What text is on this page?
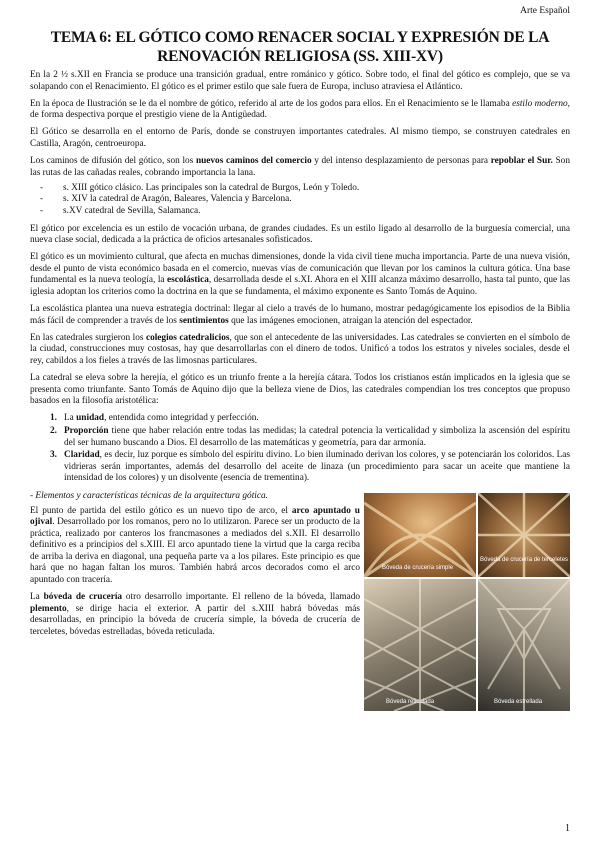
Arte Español
TEMA 6: EL GÓTICO COMO RENACER SOCIAL Y EXPRESIÓN DE LA RENOVACIÓN RELIGIOSA (SS. XIII-XV)

En la 2 ½ s.XII en Francia se produce una transición gradual, entre románico y gótico. Sobre todo, el final del gótico es complejo, que se va solapando con el Renacimiento. El gótico es el primer estilo que sale fuera de Europa, incluso atraviesa el Atlántico.

En la época de Ilustración se le da el nombre de gótico, referido al arte de los godos para ellos. En el Renacimiento se le llamaba estilo moderno, de forma despectiva porque el prestigio viene de la Antigüedad.

El Gótico se desarrolla en el entorno de París, donde se construyen importantes catedrales. Al mismo tiempo, se construyen catedrales en Castilla, Aragón, centroeuropa.

Los caminos de difusión del gótico, son los nuevos caminos del comercio y del intenso desplazamiento de personas para repoblar el Sur. Son las rutas de las cañadas reales, cobrando importancia la lana.

- s. XIII gótico clásico. Las principales son la catedral de Burgos, León y Toledo.
- s. XIV la catedral de Aragón, Baleares, Valencia y Barcelona.
- s.XV catedral de Sevilla, Salamanca.

El gótico por excelencia es un estilo de vocación urbana, de grandes ciudades. Es un estilo ligado al desarrollo de la burguesía comercial, una nueva clase social, dedicada a la práctica de oficios artesanales sofisticados.

El gótico es un movimiento cultural, que afecta en muchas dimensiones, donde la vida civil tiene mucha importancia. Parte de una nueva visión, desde el punto de vista económico basada en el comercio, nuevas vías de comunicación que llevan por los caminos la cultura gótica. Una base fundamental es la nueva teología, la escolástica, desarrollada desde el s.XI. Ahora en el XIII alcanza máximo desarrollo, hasta tal punto, que las iglesia adoptan los criterios como la doctrina en la que se fundamenta, el máximo exponente es Santo Tomás de Aquino.

La escolástica plantea una nueva estrategia doctrinal: llegar al cielo a través de lo humano, mostrar pedagógicamente los episodios de la Biblia más fácil de comprender a través de los sentimientos que las imágenes emocionen, atraigan la atención del espectador.

En las catedrales surgieron los colegios catedralicios, que son el antecedente de las universidades. Las catedrales se convierten en el símbolo de la ciudad, construcciones muy costosas, hay que desarrollarlas con el dinero de todos. Unificó a todos los estratos y niveles sociales, desde el rey, cabildos a los fieles a través de las limosnas particulares.

La catedral se eleva sobre la herejía, el gótico es un triunfo frente a la herejía cátara. Todos los cristianos están implicados en la iglesia que se presenta como triunfante. Santo Tomás de Aquino dijo que la belleza viene de Dios, las catedrales compendian los tres conceptos que propuso basados en la filosofía aristotélica:

1. La unidad, entendida como integridad y perfección.
2. Proporción tiene que haber relación entre todas las medidas; la catedral potencia la verticalidad y simboliza la ascensión del espíritu del ser humano buscando a Dios. El desarrollo de las matemáticas y geometría, para dar armonía.
3. Claridad, es decir, luz porque es símbolo del espíritu divino. Lo bien iluminado derivan los colores, y se potenciarán los coloridos. Las vidrieras serán importantes, además del desarrollo del aceite de linaza (un procedimiento para sacar un aceite que mantiene la intensidad de los colores) y un disolvente (esencia de trementina).

- Elementos y características técnicas de la arquitectura gótica.

El punto de partida del estilo gótico es un nuevo tipo de arco, el arco apuntado u ojival. Desarrollado por los romanos, pero no lo utilizaron. Parece ser un producto de la práctica, realizado por canteros los francmasones a mediados del s.XII. El desarrollo definitivo es a principios del s.XIII. El arco apuntado tiene la virtud que la carga reciba de arriba la deriva en diagonal, una pequeña parte va a los pilares. Este principio es que hará que no hagan faltan los muros. También habrá arcos decorados como el arco apuntado con tracería.

La bóveda de crucería otro desarrollo importante. El relleno de la bóveda, llamado plemento, se dirige hacia el exterior. A partir del s.XIII habrá bóvedas más desarrolladas, en principio la bóveda de crucería simple, la bóveda de crucería de terceletes, bóvedas estrelladas, bóveda reticulada.

Bóveda de crucería simple
Bóveda de crucería de terceletes
Bóveda reticulada	Bóveda estrellada
1
